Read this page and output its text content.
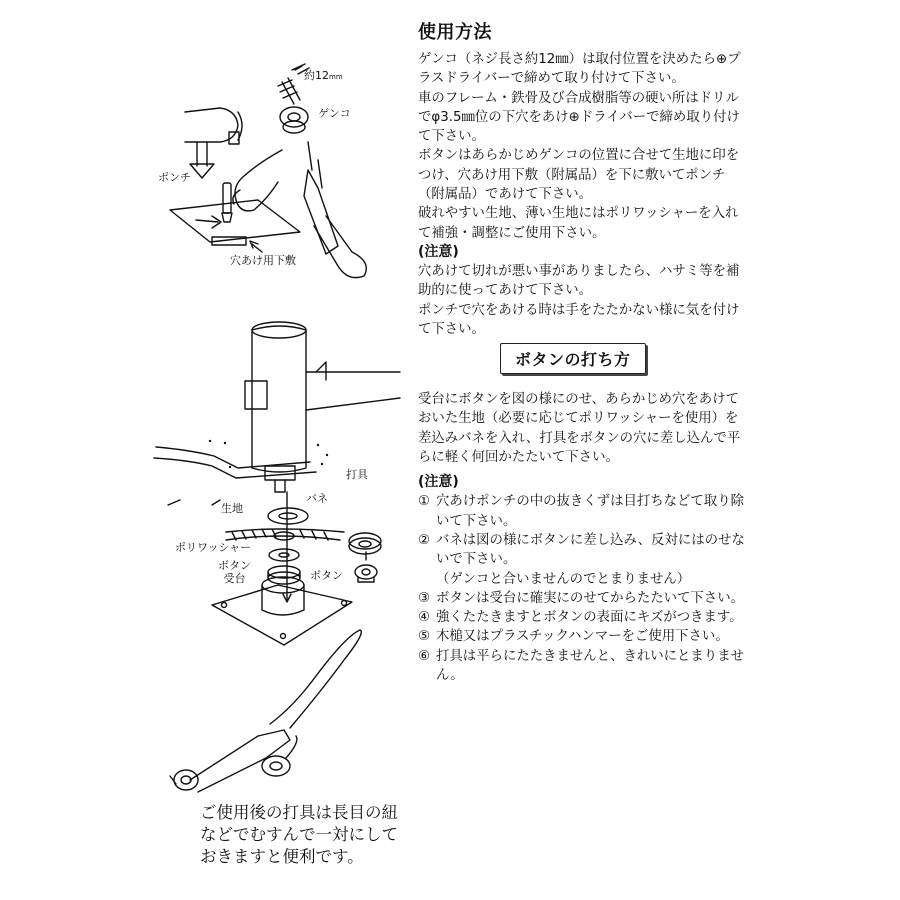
約12mm
ゲンコ
ポンチ
穴あけ用下敷
打具
生地
バネ
ポリワッシャー
ボタン
ボタン
受台
使用方法

ゲンコ（ネジ長さ約12㎜）は取付位置を決めたら⊕プラスドライバーで締めて取り付けて下さい。

車のフレーム・鉄骨及び合成樹脂等の硬い所はドリルでφ3.5㎜位の下穴をあけ⊕ドライバーで締め取り付けて下さい。

ボタンはあらかじめゲンコの位置に合せて生地に印をつけ、穴あけ用下敷（附属品）を下に敷いてポンチ（附属品）であけて下さい。

破れやすい生地、薄い生地にはポリワッシャーを入れて補強・調整にご使用下さい。

(注意)

穴あけて切れが悪い事がありましたら、ハサミ等を補助的に使ってあけて下さい。

ポンチで穴をあける時は手をたたかない様に気を付けて下さい。

ボタンの打ち方

受台にボタンを図の様にのせ、あらかじめ穴をあけておいた生地（必要に応じてポリワッシャーを使用）を差込みバネを入れ、打具をボタンの穴に差し込んで平らに軽く何回かたたいて下さい。

(注意)
① 穴あけポンチの中の抜きくずは目打ちなどて取り除いて下さい。
② バネは図の様にボタンに差し込み、反対にはのせないで下さい。
（ゲンコと合いませんのでとまりません）
③ ボタンは受台に確実にのせてからたたいて下さい。
④ 強くたたきますとボタンの表面にキズがつきます。
⑤ 木槌又はプラスチックハンマーをご使用下さい。
⑥ 打具は平らにたたきませんと、きれいにとまりません。
ご使用後の打具は長目の紐
などでむすんで一対にして
おきますと便利です。
